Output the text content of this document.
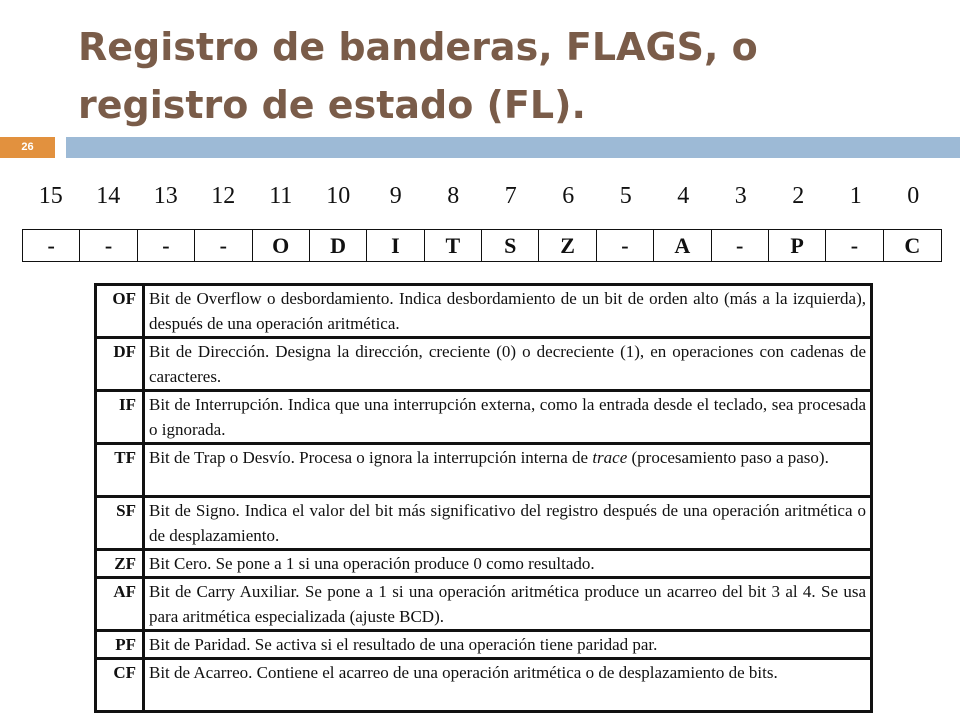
Registro de banderas, FLAGS, o
registro de estado (FL).
26
15	14	13	12	11	10	9	8	7	6	5	4	3	2	1	0
-	-	-	-	O	D	I	T	S	Z	-	A	-	P	-	C
OF	Bit de Overflow o desbordamiento. Indica desbordamiento de un bit de orden alto (más a la izquierda), después de una operación aritmética.
DF	Bit de Dirección. Designa la dirección, creciente (0) o decreciente (1), en operaciones con cadenas de caracteres.
IF	Bit de Interrupción. Indica que una interrupción externa, como la entrada desde el teclado, sea procesada o ignorada.
TF	Bit de Trap o Desvío. Procesa o ignora la interrupción interna de trace (procesamiento paso a paso).
SF	Bit de Signo. Indica el valor del bit más significativo del registro después de una operación aritmética o de desplazamiento.
ZF	Bit Cero. Se pone a 1 si una operación produce 0 como resultado.
AF	Bit de Carry Auxiliar. Se pone a 1 si una operación aritmética produce un acarreo del bit 3 al 4. Se usa para aritmética especializada (ajuste BCD).
PF	Bit de Paridad. Se activa si el resultado de una operación tiene paridad par.
CF	Bit de Acarreo. Contiene el acarreo de una operación aritmética o de desplazamiento de bits.
